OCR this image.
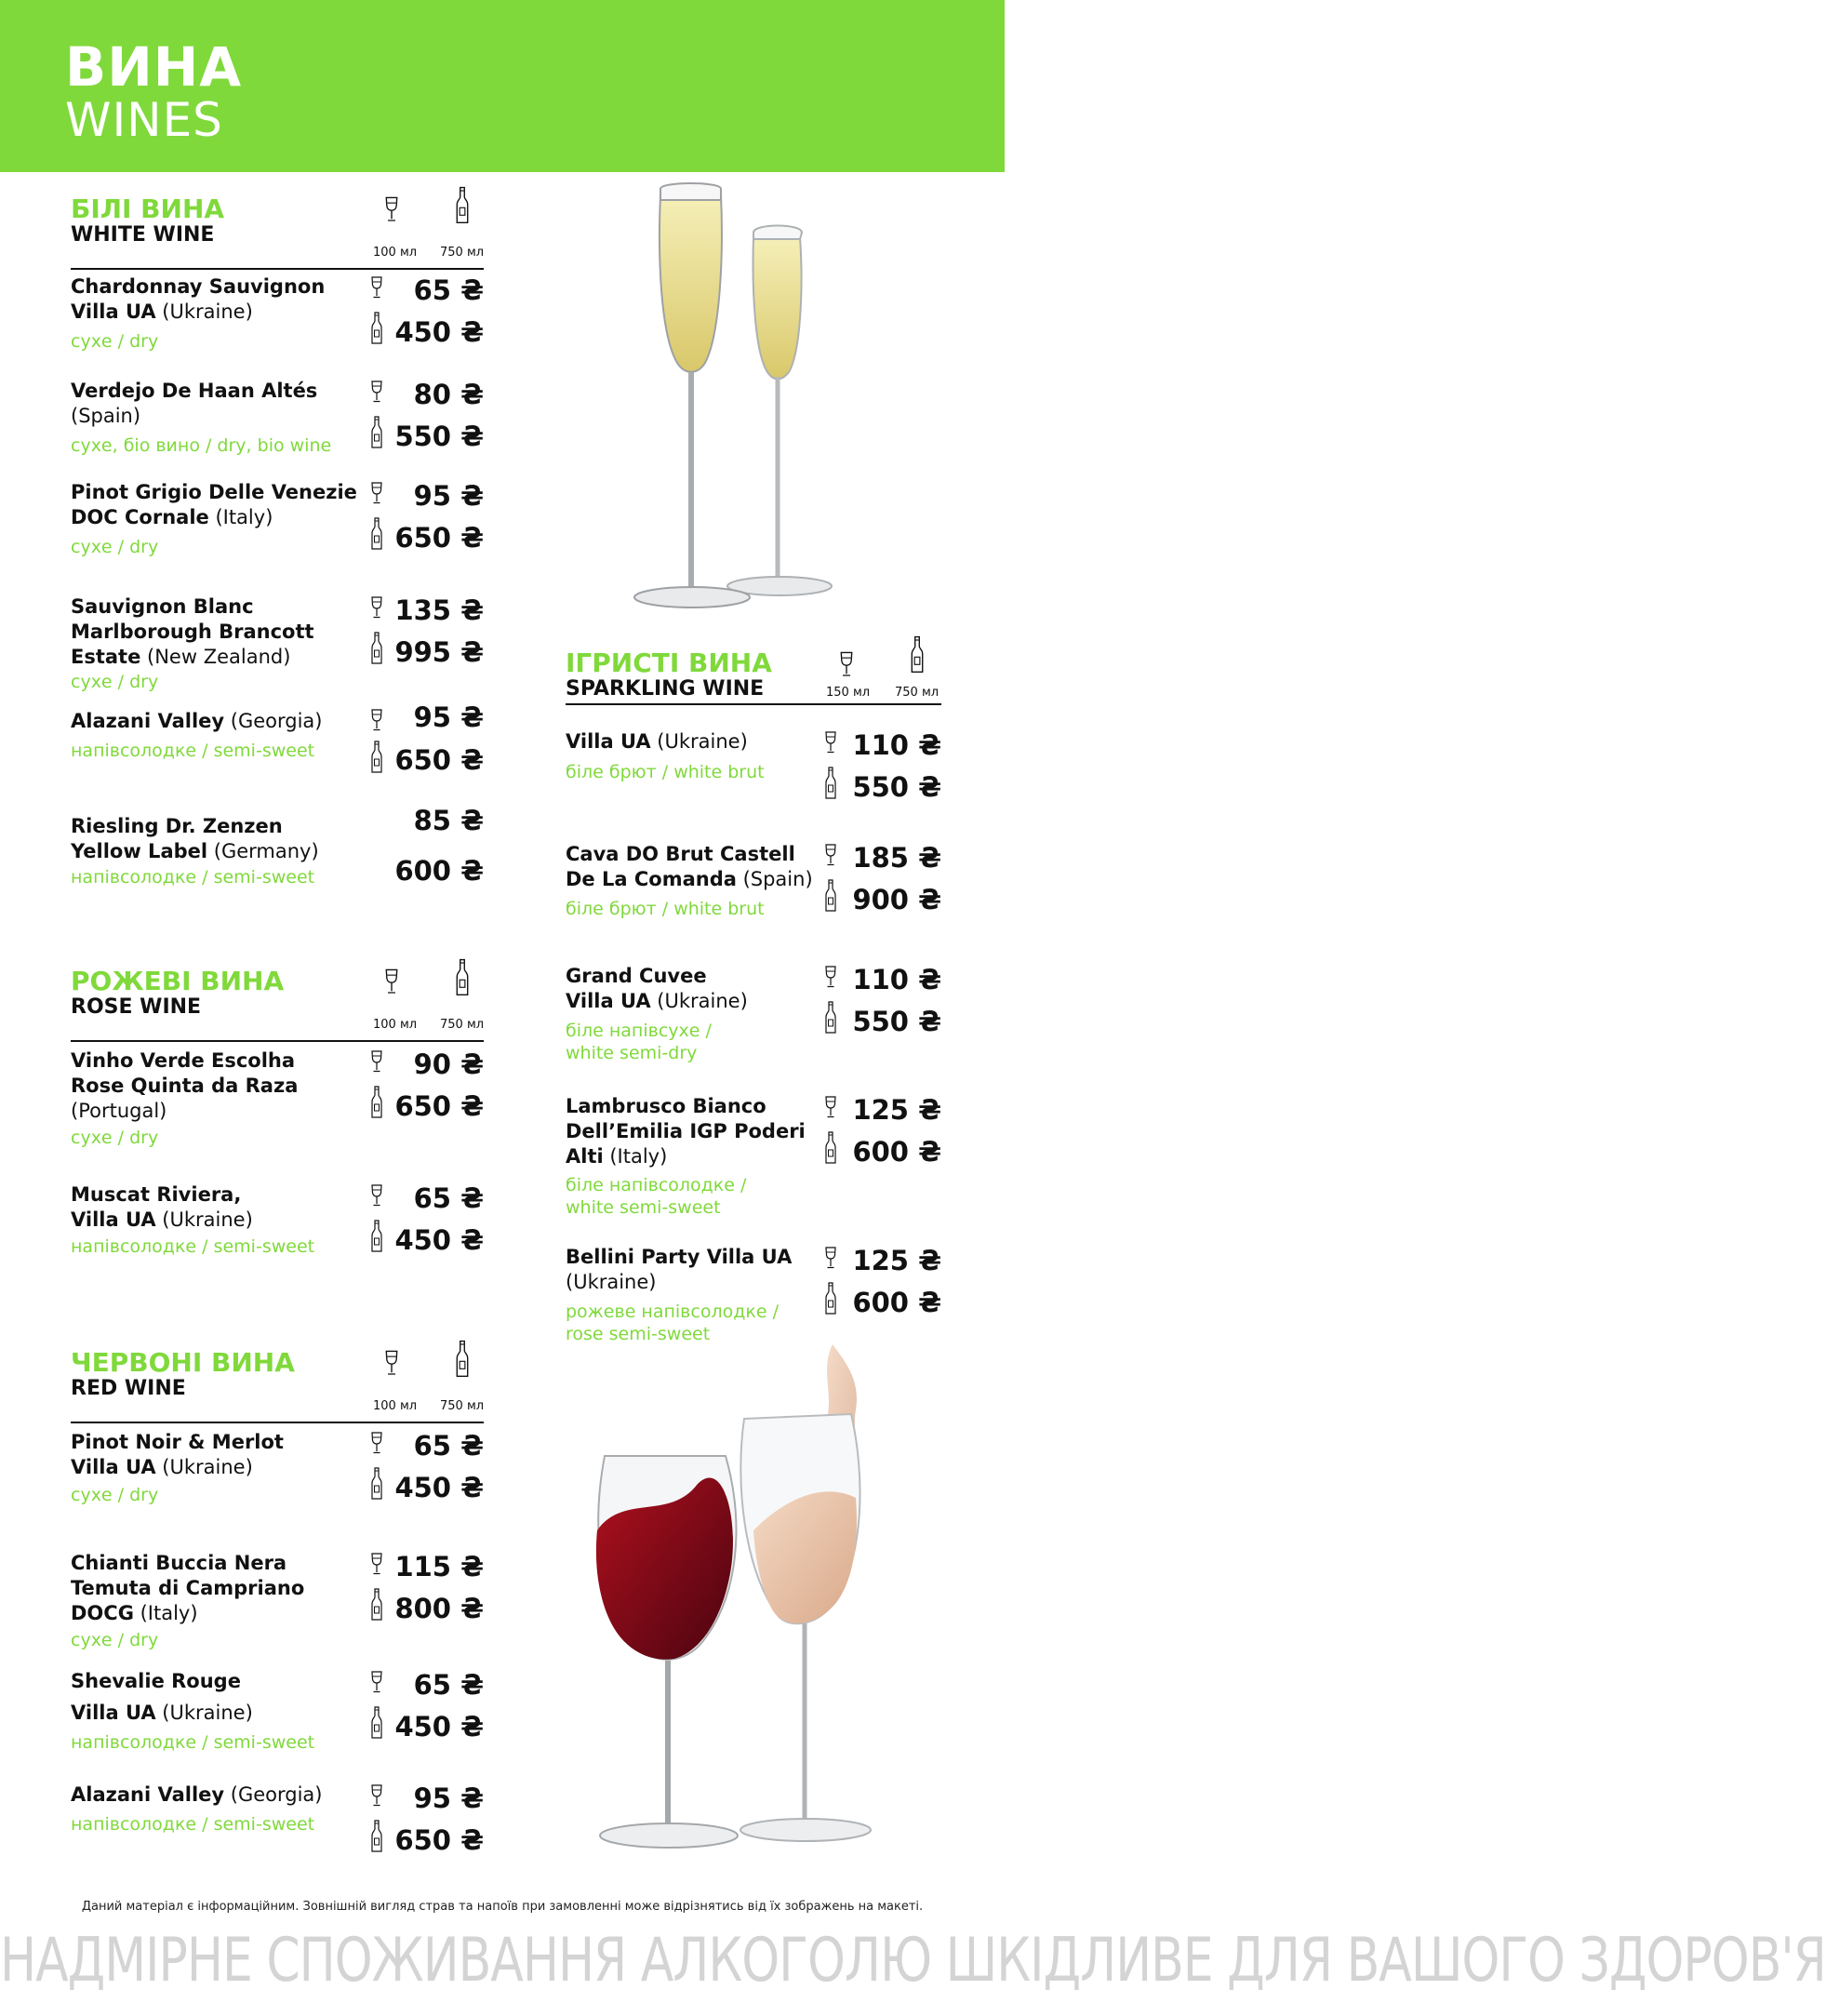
ВИНА
WINES
БІЛІ ВИНА
WHITE WINE
100 мл 750 мл
Chardonnay Sauvignon Villa UA (Ukraine)
сухе / dry
65 ₴
450 ₴
Verdejo De Haan Altés (Spain)
сухе, біо вино / dry, bio wine
80 ₴
550 ₴
Pinot Grigio Delle Venezie DOC Cornale (Italy)
сухе / dry
95 ₴
650 ₴
Sauvignon Blanc Marlborough Brancott Estate (New Zealand)
сухе / dry
135 ₴
995 ₴
Alazani Valley (Georgia)
напівсолодке / semi-sweet
95 ₴
650 ₴
Riesling Dr. Zenzen Yellow Label (Germany)
напівсолодке / semi-sweet
85 ₴
600 ₴
РОЖЕВІ ВИНА
ROSE WINE
100 мл 750 мл
Vinho Verde Escolha Rose Quinta da Raza (Portugal)
сухе / dry
90 ₴
650 ₴
Muscat Riviera, Villa UA (Ukraine)
напівсолодке / semi-sweet
65 ₴
450 ₴
ЧЕРВОНІ ВИНА
RED WINE
100 мл 750 мл
Pinot Noir & Merlot Villa UA (Ukraine)
сухе / dry
65 ₴
450 ₴
Chianti Buccia Nera Temuta di Campriano DOCG (Italy)
сухе / dry
115 ₴
800 ₴
Shevalie Rouge
Villa UA (Ukraine)
напівсолодке / semi-sweet
65 ₴
450 ₴
Alazani Valley (Georgia)
напівсолодке / semi-sweet
95 ₴
650 ₴
ІГРИСТІ ВИНА
SPARKLING WINE	150 мл 750 мл
Villa UA (Ukraine)
біле брют / white brut
110 ₴
550 ₴
Cava DO Brut Castell De La Comanda (Spain)
біле брют / white brut
185 ₴
900 ₴
Grand Cuvee Villa UA (Ukraine)
біле напівсухе / white semi-dry
110 ₴
550 ₴
Lambrusco Bianco Dell’Emilia IGP Poderi Alti (Italy)
біле напівсолодке / white semi-sweet
125 ₴
600 ₴
Bellini Party Villa UA (Ukraine)
рожеве напівсолодке / rose semi-sweet
125 ₴
600 ₴
Даний матеріал є інформаційним. Зовнішній вигляд страв та напоїв при замовленні може відрізнятись від їх зображень на макеті.
НАДМІРНЕ СПОЖИВАННЯ АЛКОГОЛЮ ШКІДЛИВЕ ДЛЯ ВАШОГО ЗДОРОВ'Я
